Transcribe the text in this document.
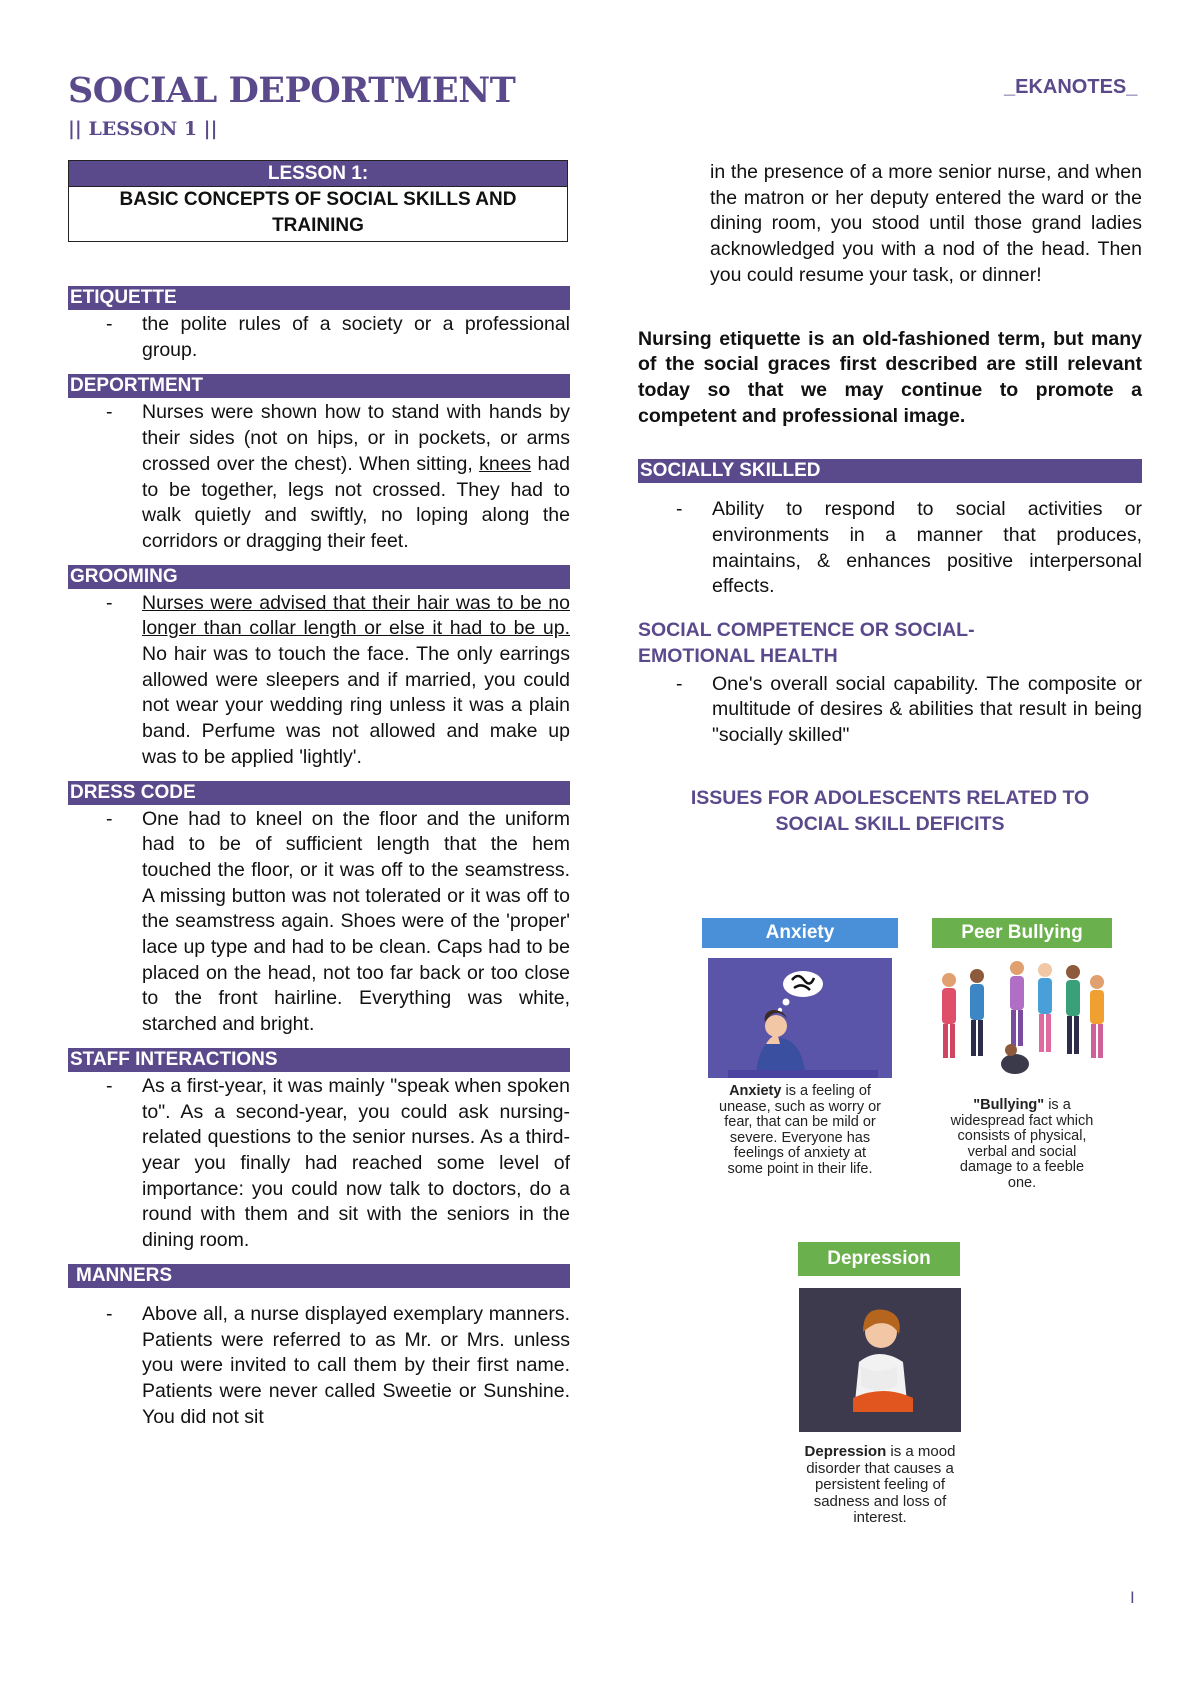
SOCIAL DEPORTMENT
|| LESSON 1 ||
_EKANOTES_
LESSON 1:
BASIC CONCEPTS OF SOCIAL SKILLS AND TRAINING
ETIQUETTE
- the polite rules of a society or a professional group.
DEPORTMENT
- Nurses were shown how to stand with hands by their sides (not on hips, or in pockets, or arms crossed over the chest). When sitting, knees had to be together, legs not crossed. They had to walk quietly and swiftly, no loping along the corridors or dragging their feet.
GROOMING
- Nurses were advised that their hair was to be no longer than collar length or else it had to be up. No hair was to touch the face. The only earrings allowed were sleepers and if married, you could not wear your wedding ring unless it was a plain band. Perfume was not allowed and make up was to be applied 'lightly'.
DRESS CODE
- One had to kneel on the floor and the uniform had to be of sufficient length that the hem touched the floor, or it was off to the seamstress. A missing button was not tolerated or it was off to the seamstress again. Shoes were of the 'proper' lace up type and had to be clean. Caps had to be placed on the head, not too far back or too close to the front hairline. Everything was white, starched and bright.
STAFF INTERACTIONS
- As a first-year, it was mainly "speak when spoken to". As a second-year, you could ask nursing-related questions to the senior nurses. As a third-year you finally had reached some level of importance: you could now talk to doctors, do a round with them and sit with the seniors in the dining room.
MANNERS
- Above all, a nurse displayed exemplary manners. Patients were referred to as Mr. or Mrs. unless you were invited to call them by their first name. Patients were never called Sweetie or Sunshine. You did not sit
in the presence of a more senior nurse, and when the matron or her deputy entered the ward or the dining room, you stood until those grand ladies acknowledged you with a nod of the head. Then you could resume your task, or dinner!
Nursing etiquette is an old-fashioned term, but many of the social graces first described are still relevant today so that we may continue to promote a competent and professional image.
SOCIALLY SKILLED
- Ability to respond to social activities or environments in a manner that produces, maintains, & enhances positive interpersonal effects.
SOCIAL COMPETENCE OR SOCIAL-EMOTIONAL HEALTH
- One's overall social capability. The composite or multitude of desires & abilities that result in being "socially skilled"
ISSUES FOR ADOLESCENTS RELATED TO SOCIAL SKILL DEFICITS
Anxiety
Anxiety is a feeling of unease, such as worry or fear, that can be mild or severe. Everyone has feelings of anxiety at some point in their life.
Peer Bullying
"Bullying" is a widespread fact which consists of physical, verbal and social damage to a feeble one.
Depression
Depression is a mood disorder that causes a persistent feeling of sadness and loss of interest.
I
